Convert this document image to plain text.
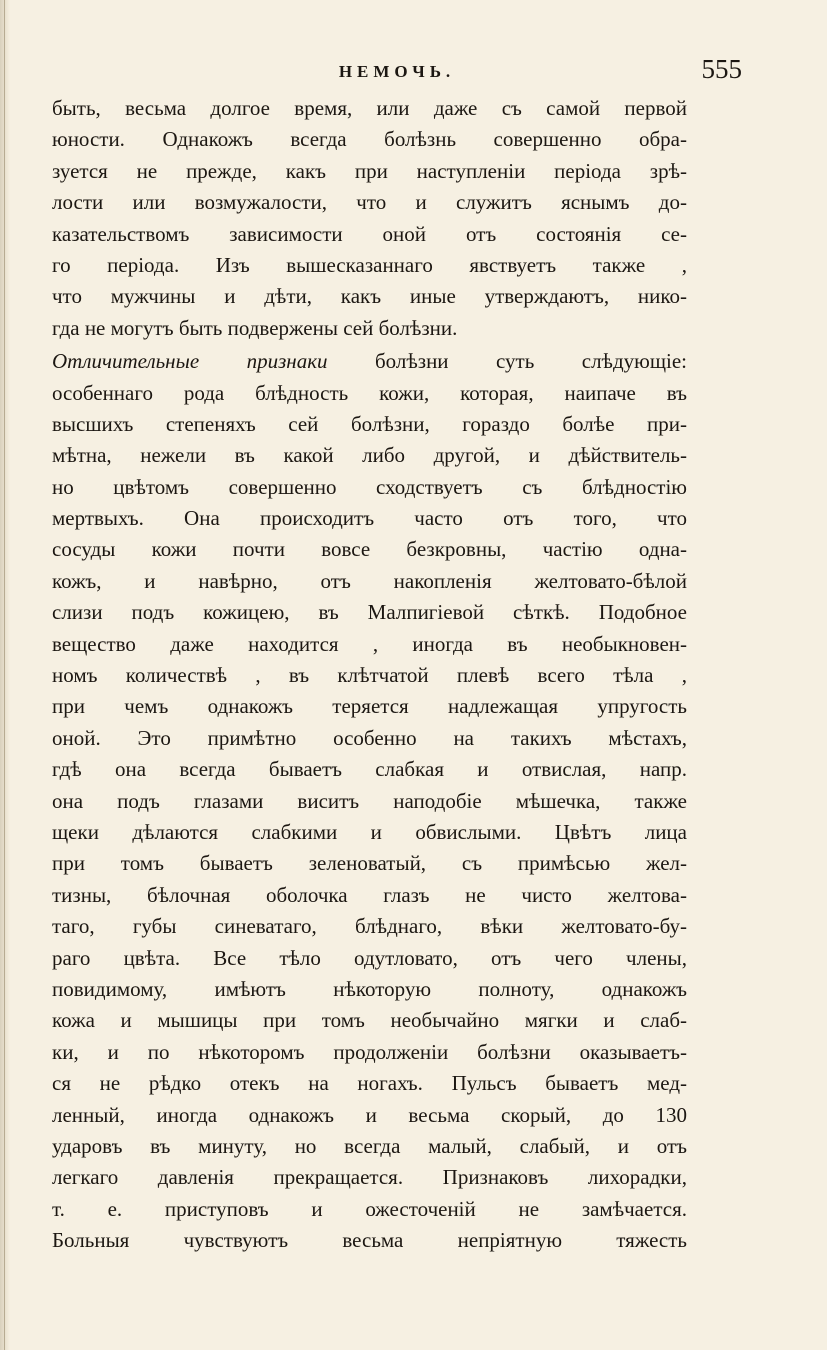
НЕМОЧЬ.	555
быть, весьма долгое время, или даже съ самой первой
юности. Однакожъ всегда болѣзнь совершенно обра-
зуется не прежде, какъ при наступленіи періода зрѣ-
лости или возмужалости, что и служитъ яснымъ до-
казательствомъ зависимости оной отъ состоянія се-
го періода. Изъ вышесказаннаго явствуетъ также ,
что мужчины и дѣти, какъ иные утверждаютъ, нико-
гда не могутъ быть подвержены сей болѣзни.
Отличительные признаки болѣзни суть слѣдующіе:
особеннаго рода блѣдность кожи, которая, наипаче въ
высшихъ степеняхъ сей болѣзни, гораздо болѣе при-
мѣтна, нежели въ какой либо другой, и дѣйствитель-
но цвѣтомъ совершенно сходствуетъ съ блѣдностію
мертвыхъ. Она происходитъ часто отъ того, что
сосуды кожи почти вовсе безкровны, частію одна-
кожъ, и навѣрно, отъ накопленія желтовато-бѣлой
слизи подъ кожицею, въ Малпигіевой сѣткѣ. Подобное
вещество даже находится , иногда въ необыкновен-
номъ количествѣ , въ клѣтчатой плевѣ всего тѣла ,
при чемъ однакожъ теряется надлежащая упругость
оной. Это примѣтно особенно на такихъ мѣстахъ,
гдѣ она всегда бываетъ слабкая и отвислая, напр.
она подъ глазами виситъ наподобіе мѣшечка, также
щеки дѣлаются слабкими и обвислыми. Цвѣтъ лица
при томъ бываетъ зеленоватый, съ примѣсью жел-
тизны, бѣлочная оболочка глазъ не чисто желтова-
таго, губы синеватаго, блѣднаго, вѣки желтовато-бу-
раго цвѣта. Все тѣло одутловато, отъ чего члены,
повидимому, имѣютъ нѣкоторую полноту, однакожъ
кожа и мышицы при томъ необычайно мягки и слаб-
ки, и по нѣкоторомъ продолженіи болѣзни оказываетъ-
ся не рѣдко отекъ на ногахъ. Пульсъ бываетъ мед-
ленный, иногда однакожъ и весьма скорый, до 130
ударовъ въ минуту, но всегда малый, слабый, и отъ
легкаго давленія прекращается. Признаковъ лихорадки,
т. е. приступовъ и ожесточеній не замѣчается.
Больныя чувствуютъ весьма непріятную тяжесть
